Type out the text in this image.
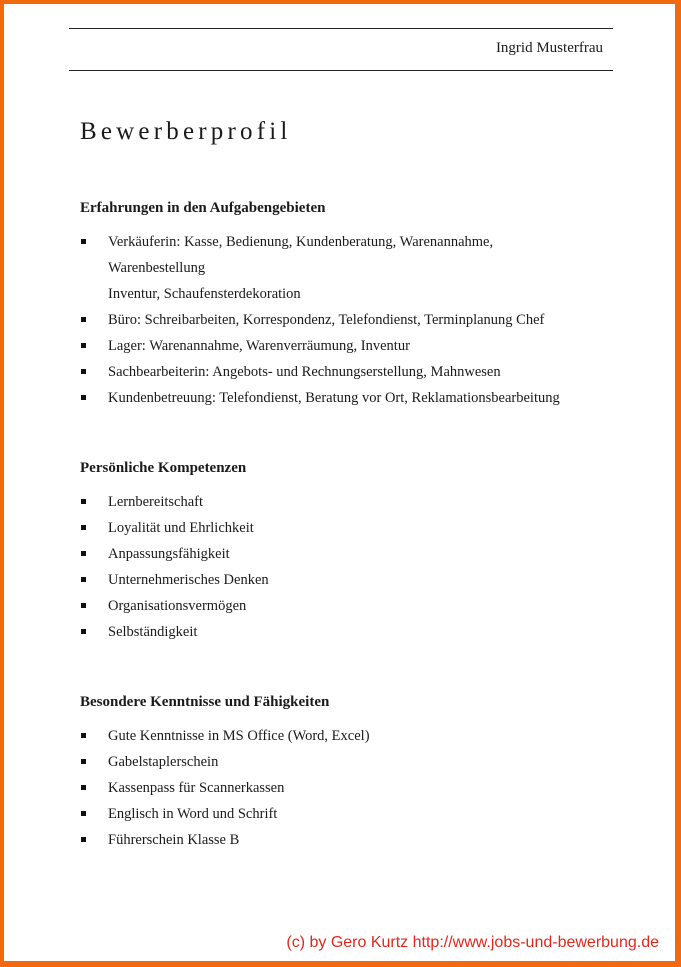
Ingrid Musterfrau
Bewerberprofil
Erfahrungen in den Aufgabengebieten
Verkäuferin: Kasse, Bedienung, Kundenberatung, Warenannahme,
Warenbestellung
Inventur, Schaufensterdekoration
Büro: Schreibarbeiten, Korrespondenz, Telefondienst, Terminplanung Chef
Lager: Warenannahme, Warenverräumung, Inventur
Sachbearbeiterin: Angebots- und Rechnungserstellung, Mahnwesen
Kundenbetreuung: Telefondienst, Beratung vor Ort, Reklamationsbearbeitung
Persönliche Kompetenzen
Lernbereitschaft
Loyalität und Ehrlichkeit
Anpassungsfähigkeit
Unternehmerisches Denken
Organisationsvermögen
Selbständigkeit
Besondere Kenntnisse und Fähigkeiten
Gute Kenntnisse in MS Office (Word, Excel)
Gabelstaplerschein
Kassenpass für Scannerkassen
Englisch in Word und Schrift
Führerschein Klasse B
(c) by Gero Kurtz http://www.jobs-und-bewerbung.de
